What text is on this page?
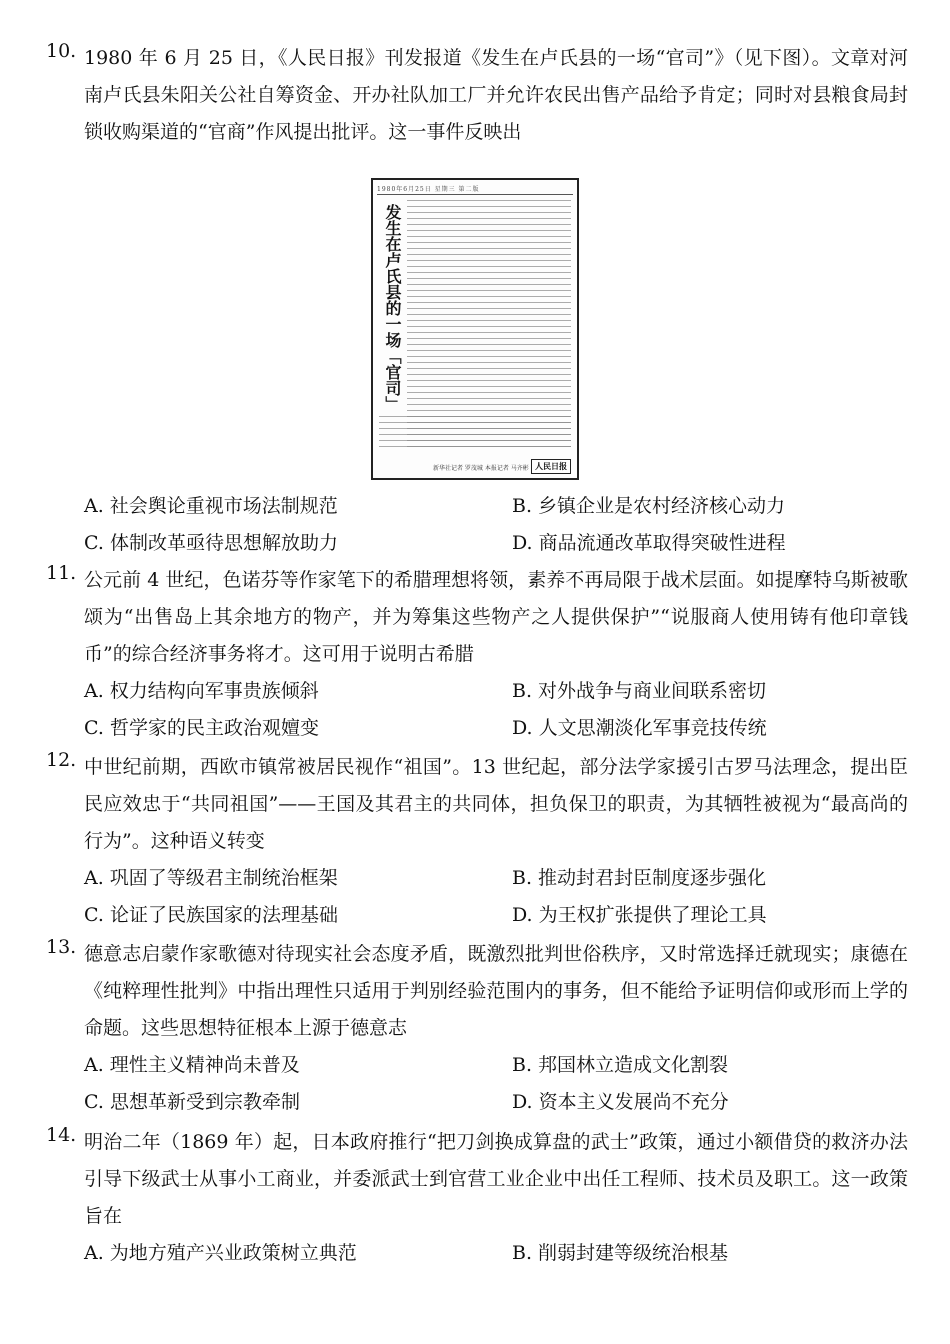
10. 1980 年 6 月 25 日，《人民日报》刊发报道《发生在卢氏县的一场“官司”》（见下图）。文章对河南卢氏县朱阳关公社自筹资金、开办社队加工厂并允许农民出售产品给予肯定；同时对县粮食局封锁收购渠道的“官商”作风提出批评。这一事件反映出
1980年6月25日 星期三 第二版
发生在卢氏县的一场「官司」
新华社记者 罗茂城 本报记者 马齐彬 人民日报
A. 社会舆论重视市场法制规范	B. 乡镇企业是农村经济核心动力
C. 体制改革亟待思想解放助力	D. 商品流通改革取得突破性进程
11. 公元前 4 世纪，色诺芬等作家笔下的希腊理想将领，素养不再局限于战术层面。如提摩特乌斯被歌颂为“出售岛上其余地方的物产，并为筹集这些物产之人提供保护”“说服商人使用铸有他印章钱币”的综合经济事务将才。这可用于说明古希腊
A. 权力结构向军事贵族倾斜	B. 对外战争与商业间联系密切
C. 哲学家的民主政治观嬗变	D. 人文思潮淡化军事竞技传统
12. 中世纪前期，西欧市镇常被居民视作“祖国”。13 世纪起，部分法学家援引古罗马法理念，提出臣民应效忠于“共同祖国”——王国及其君主的共同体，担负保卫的职责，为其牺牲被视为“最高尚的行为”。这种语义转变
A. 巩固了等级君主制统治框架	B. 推动封君封臣制度逐步强化
C. 论证了民族国家的法理基础	D. 为王权扩张提供了理论工具
13. 德意志启蒙作家歌德对待现实社会态度矛盾，既激烈批判世俗秩序，又时常选择迁就现实；康德在《纯粹理性批判》中指出理性只适用于判别经验范围内的事务，但不能给予证明信仰或形而上学的命题。这些思想特征根本上源于德意志
A. 理性主义精神尚未普及	B. 邦国林立造成文化割裂
C. 思想革新受到宗教牵制	D. 资本主义发展尚不充分
14. 明治二年（1869 年）起，日本政府推行“把刀剑换成算盘的武士”政策，通过小额借贷的救济办法引导下级武士从事小工商业，并委派武士到官营工业企业中出任工程师、技术员及职工。这一政策旨在
A. 为地方殖产兴业政策树立典范	B. 削弱封建等级统治根基
